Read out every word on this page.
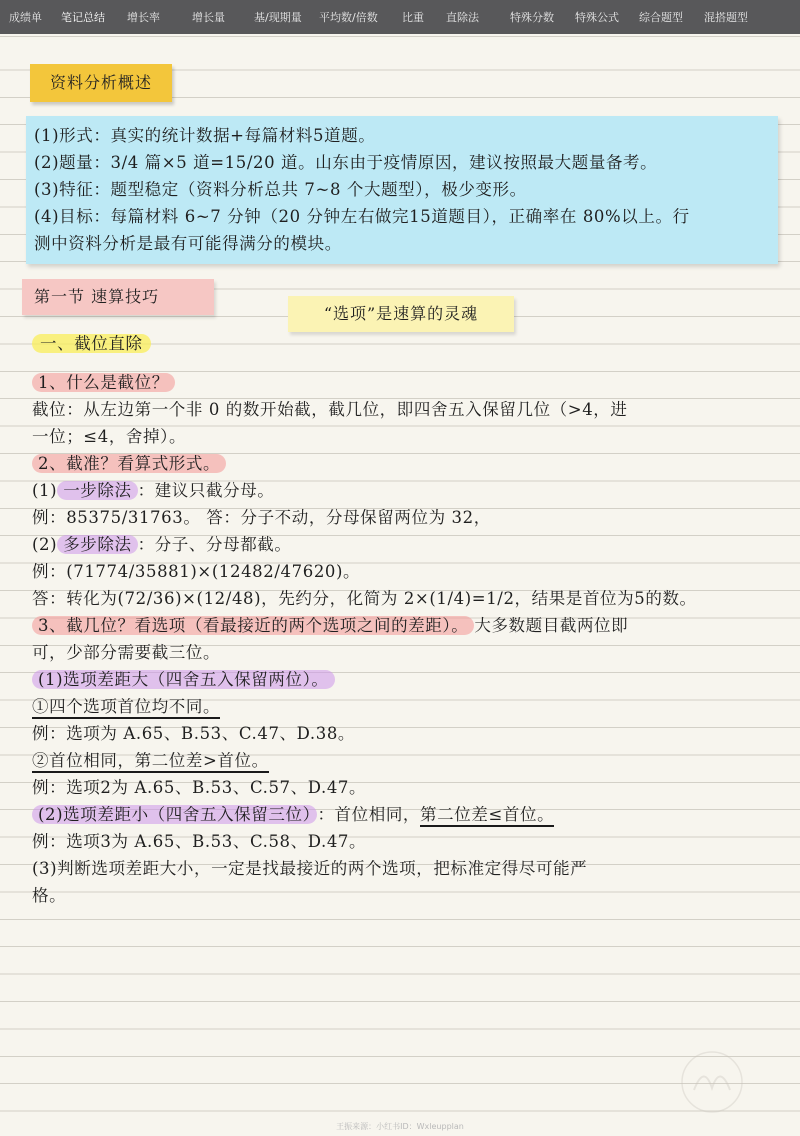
成绩单 笔记总结 增长率	增长量	基/现期量 平均数/倍数 比重 直除法	特殊分数 特殊公式 综合题型 混搭题型
资料分析概述
(1)形式：真实的统计数据+每篇材料5道题。
(2)题量：3/4 篇×5 道=15/20 道。山东由于疫情原因，建议按照最大题量备考。
(3)特征：题型稳定（资料分析总共 7~8 个大题型），极少变形。
(4)目标：每篇材料 6~7 分钟（20 分钟左右做完15道题目），正确率在 80%以上。行
测中资料分析是最有可能得满分的模块。
第一节 速算技巧
“选项”是速算的灵魂
一、截位直除
1、什么是截位？
截位：从左边第一个非 0 的数开始截，截几位，即四舍五入保留几位（>4，进
一位；≤4，舍掉）。
2、截准？看算式形式。
(1) 一步除法 ：建议只截分母。
例：85375/31763。 答：分子不动，分母保留两位为 32，
(2) 多步除法 ：分子、分母都截。
例：(71774/35881)×(12482/47620)。
答：转化为(72/36)×(12/48)，先约分，化简为 2×(1/4)=1/2，结果是首位为5的数。
3、截几位？看选项（看最接近的两个选项之间的差距）。 大多数题目截两位即
可，少部分需要截三位。
(1)选项差距大（四舍五入保留两位）。
①四个选项首位均不同。
例：选项为 A.65、B.53、C.47、D.38。
②首位相同，第二位差>首位。
例：选项2为 A.65、B.53、C.57、D.47。
(2)选项差距小（四舍五入保留三位） ：首位相同，第二位差≤首位。
例：选项3为 A.65、B.53、C.58、D.47。
(3)判断选项差距大小，一定是找最接近的两个选项，把标准定得尽可能严
格。
王振来源：小红书ID：Wxleupplan
